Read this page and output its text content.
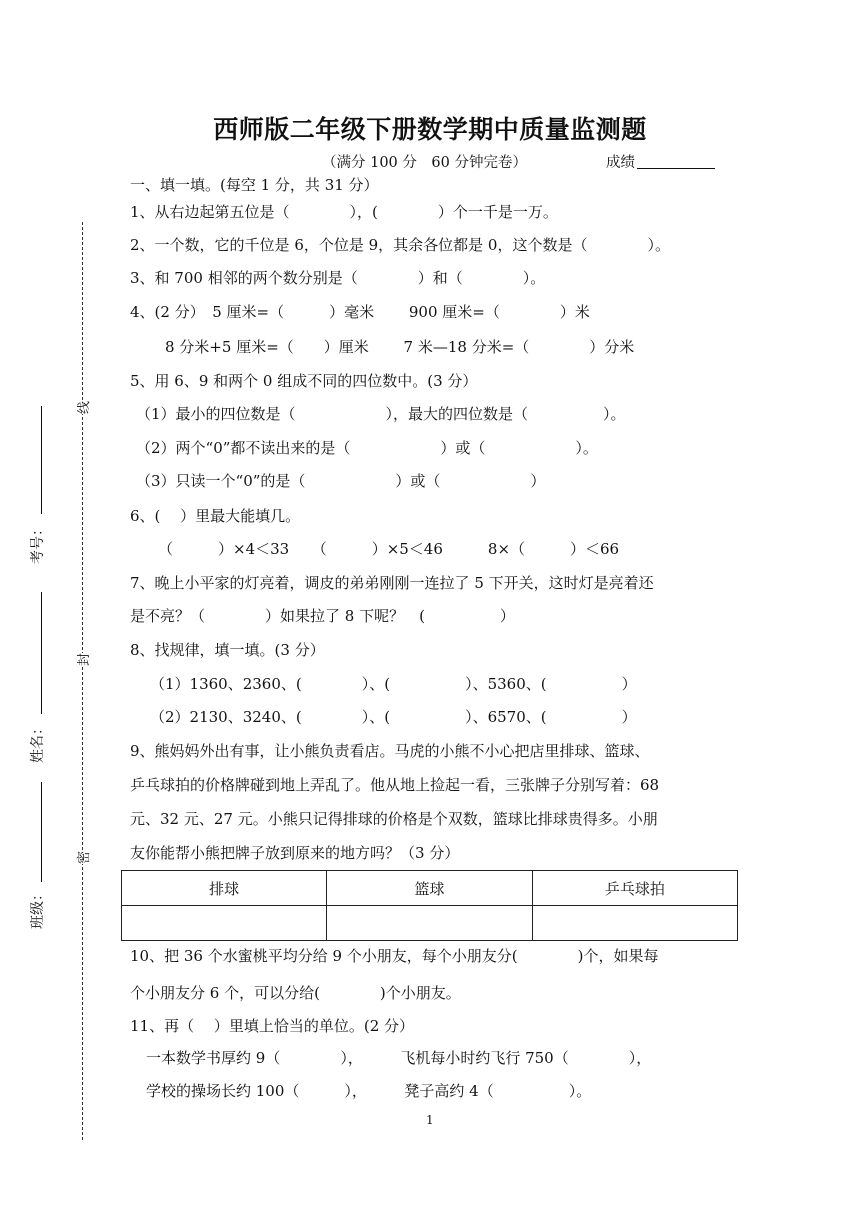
西师版二年级下册数学期中质量监测题
（满分 100 分　60 分钟完卷）	成绩
线
封
密
考号：
姓名：
班级：
一、填一填。(每空 1 分，共 31 分）
1、从右边起第五位是（　　　　），(　　　　）个一千是一万。
2、一个数，它的千位是 6，个位是 9，其余各位都是 0，这个数是（　　　　）。
3、和 700 相邻的两个数分别是（　　　　）和（　　　　）。
4、(2 分）　5 厘米=（　　　）毫米　　 900 厘米=（　　　　）米
8 分米+5 厘米=（　　）厘米　　 7 米—18 分米=（　　　　）分米
5、用 6、9 和两个 0 组成不同的四位数中。(3 分）
（1）最小的四位数是（　　　　　　），最大的四位数是（　　　　　）。
（2）两个“0”都不读出来的是（　　　　　　）或（　　　　　　）。
（3）只读一个“0”的是（　　　　　　）或（　　　　　　）
6、(　 ）里最大能填几。
（　　　）×4＜33　　（　　　）×5＜46　　　8×（　　　）＜66
7、晚上小平家的灯亮着，调皮的弟弟刚刚一连拉了 5 下开关，这时灯是亮着还
是不亮？（　　　　）如果拉了 8 下呢？　(　　　　　）
8、找规律，填一填。(3 分）
（1）1360、2360、(　　　　）、(　　　　　）、5360、(　　　　　）
（2）2130、3240、(　　　　）、(　　　　　）、6570、(　　　　　）
9、熊妈妈外出有事，让小熊负责看店。马虎的小熊不小心把店里排球、篮球、
乒乓球拍的价格牌碰到地上弄乱了。他从地上捡起一看，三张牌子分别写着：68
元、32 元、27 元。小熊只记得排球的价格是个双数，篮球比排球贵得多。小朋
友你能帮小熊把牌子放到原来的地方吗？（3 分）
排球	篮球	乒乓球拍

10、把 36 个水蜜桃平均分给 9 个小朋友，每个小朋友分(　　　　)个，如果每
个小朋友分 6 个，可以分给(　　　　)个小朋友。
11、再（　 ）里填上恰当的单位。(2 分）
一本数学书厚约 9（　　　　），　　　飞机每小时约飞行 750（　　　　），
学校的操场长约 100（　　　），　　　凳子高约 4（　　　　　）。
1
